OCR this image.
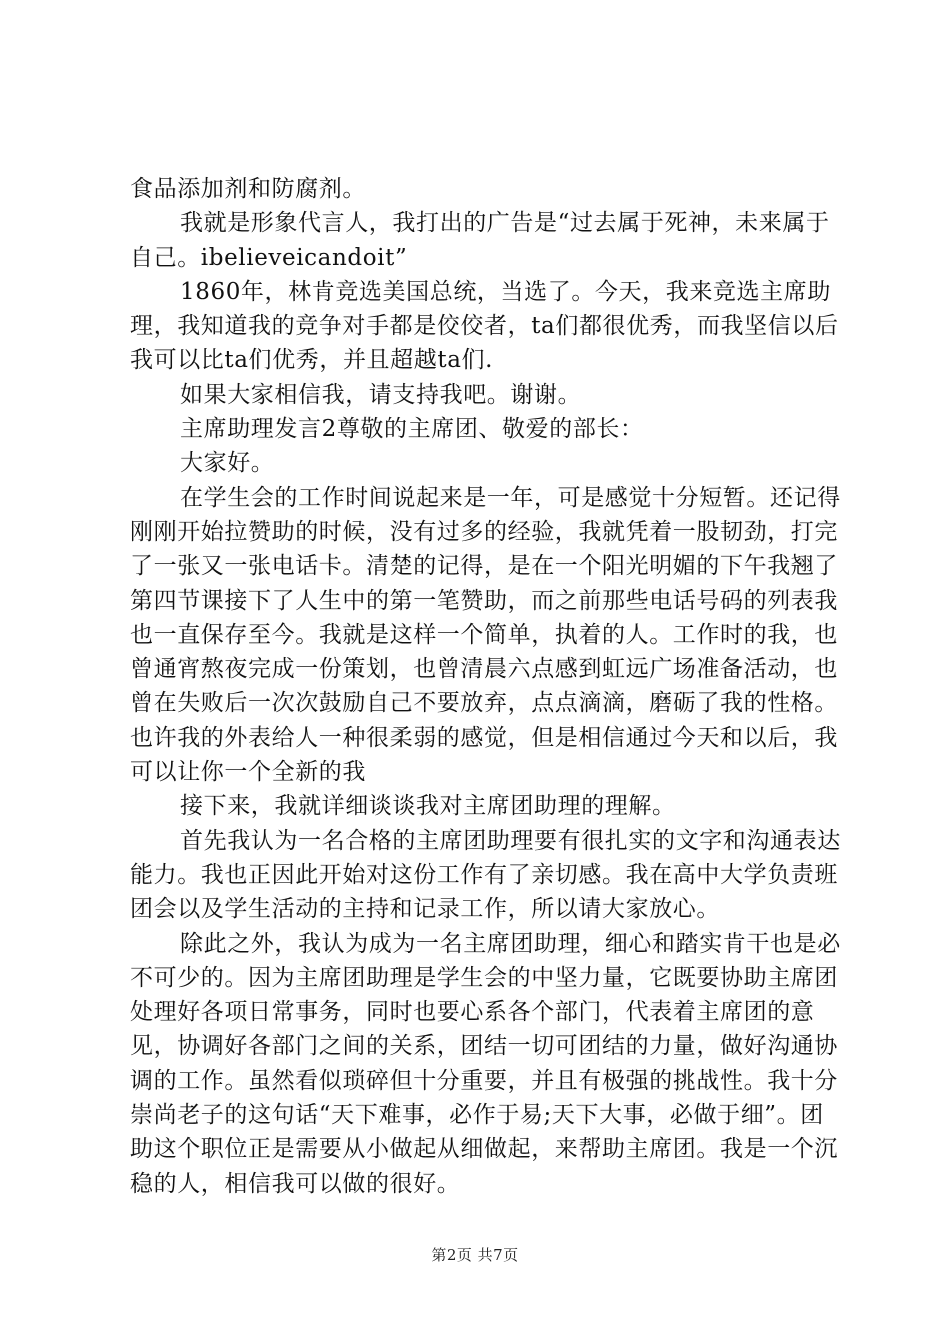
食品添加剂和防腐剂。

我就是形象代言人，我打出的广告是“过去属于死神，未来属于自己。ibelieveicandoit”

1860年，林肯竞选美国总统，当选了。今天，我来竞选主席助理，我知道我的竞争对手都是佼佼者，ta们都很优秀，而我坚信以后我可以比ta们优秀，并且超越ta们.

如果大家相信我，请支持我吧。谢谢。

主席助理发言2尊敬的主席团、敬爱的部长：

大家好。

在学生会的工作时间说起来是一年，可是感觉十分短暂。还记得刚刚开始拉赞助的时候，没有过多的经验，我就凭着一股韧劲，打完了一张又一张电话卡。清楚的记得，是在一个阳光明媚的下午我翘了第四节课接下了人生中的第一笔赞助，而之前那些电话号码的列表我也一直保存至今。我就是这样一个简单，执着的人。工作时的我，也曾通宵熬夜完成一份策划，也曾清晨六点感到虹远广场准备活动，也曾在失败后一次次鼓励自己不要放弃，点点滴滴，磨砺了我的性格。也许我的外表给人一种很柔弱的感觉，但是相信通过今天和以后，我可以让你一个全新的我

接下来，我就详细谈谈我对主席团助理的理解。

首先我认为一名合格的主席团助理要有很扎实的文字和沟通表达能力。我也正因此开始对这份工作有了亲切感。我在高中大学负责班团会以及学生活动的主持和记录工作，所以请大家放心。

除此之外，我认为成为一名主席团助理，细心和踏实肯干也是必不可少的。因为主席团助理是学生会的中坚力量，它既要协助主席团处理好各项日常事务，同时也要心系各个部门，代表着主席团的意见，协调好各部门之间的关系，团结一切可团结的力量，做好沟通协调的工作。虽然看似琐碎但十分重要，并且有极强的挑战性。我十分崇尚老子的这句话“天下难事，必作于易;天下大事，必做于细”。团助这个职位正是需要从小做起从细做起，来帮助主席团。我是一个沉稳的人，相信我可以做的很好。

第2页 共7页
